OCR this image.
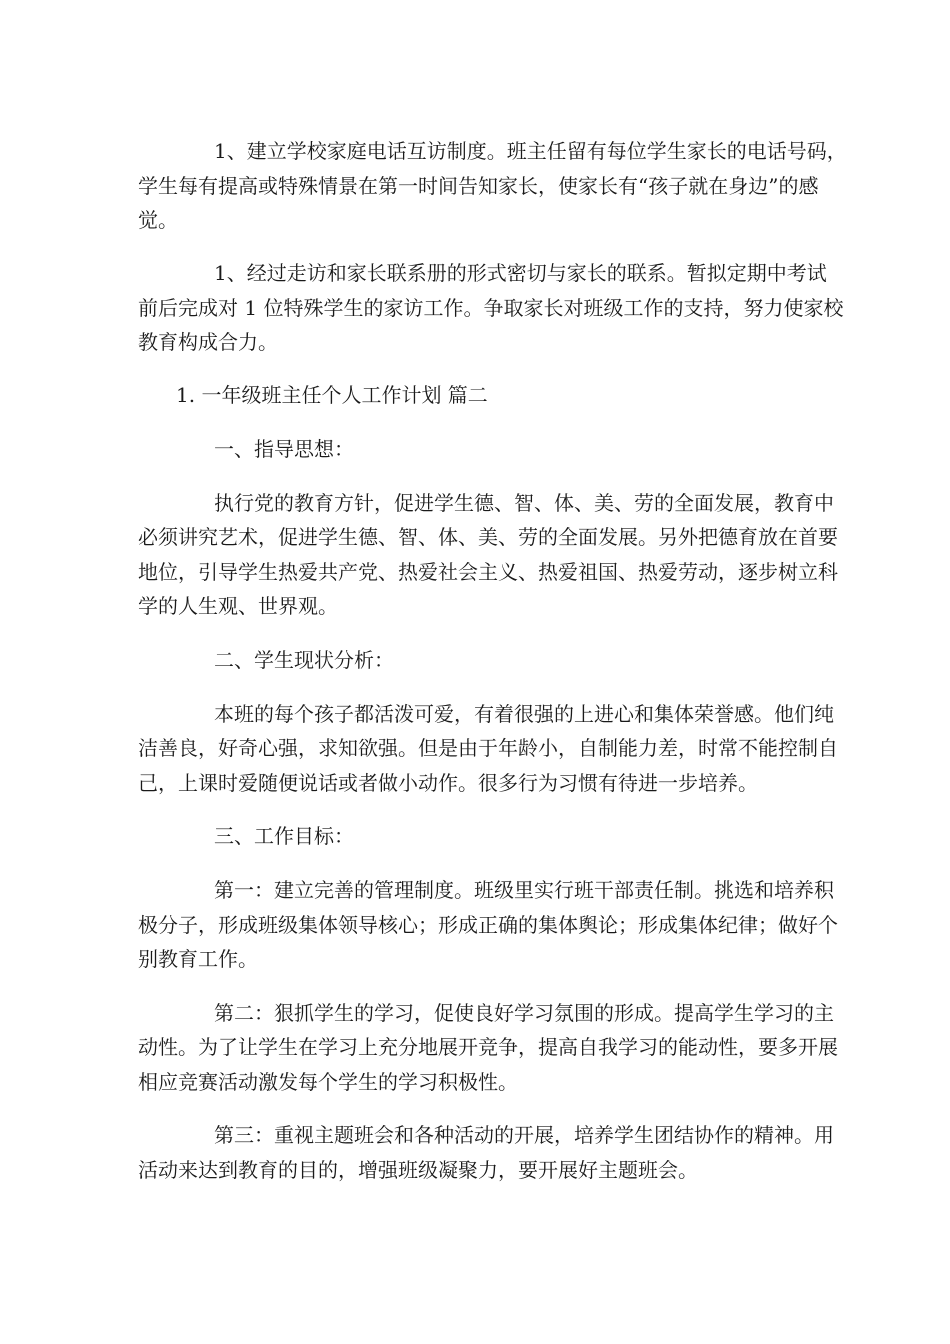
1、建立学校家庭电话互访制度。班主任留有每位学生家长的电话号码，
学生每有提高或特殊情景在第一时间告知家长，使家长有“孩子就在身边”的感
觉。
1、经过走访和家长联系册的形式密切与家长的联系。暂拟定期中考试
前后完成对 1 位特殊学生的家访工作。争取家长对班级工作的支持，努力使家校
教育构成合力。
1. 一年级班主任个人工作计划 篇二
一、指导思想：
执行党的教育方针，促进学生德、智、体、美、劳的全面发展，教育中
必须讲究艺术，促进学生德、智、体、美、劳的全面发展。另外把德育放在首要
地位，引导学生热爱共产党、热爱社会主义、热爱祖国、热爱劳动，逐步树立科
学的人生观、世界观。
二、学生现状分析：
本班的每个孩子都活泼可爱，有着很强的上进心和集体荣誉感。他们纯
洁善良，好奇心强，求知欲强。但是由于年龄小，自制能力差，时常不能控制自
己，上课时爱随便说话或者做小动作。很多行为习惯有待进一步培养。
三、工作目标：
第一：建立完善的管理制度。班级里实行班干部责任制。挑选和培养积
极分子，形成班级集体领导核心；形成正确的集体舆论；形成集体纪律；做好个
别教育工作。
第二：狠抓学生的学习，促使良好学习氛围的形成。提高学生学习的主
动性。为了让学生在学习上充分地展开竞争，提高自我学习的能动性，要多开展
相应竞赛活动激发每个学生的学习积极性。
第三：重视主题班会和各种活动的开展，培养学生团结协作的精神。用
活动来达到教育的目的，增强班级凝聚力，要开展好主题班会。
